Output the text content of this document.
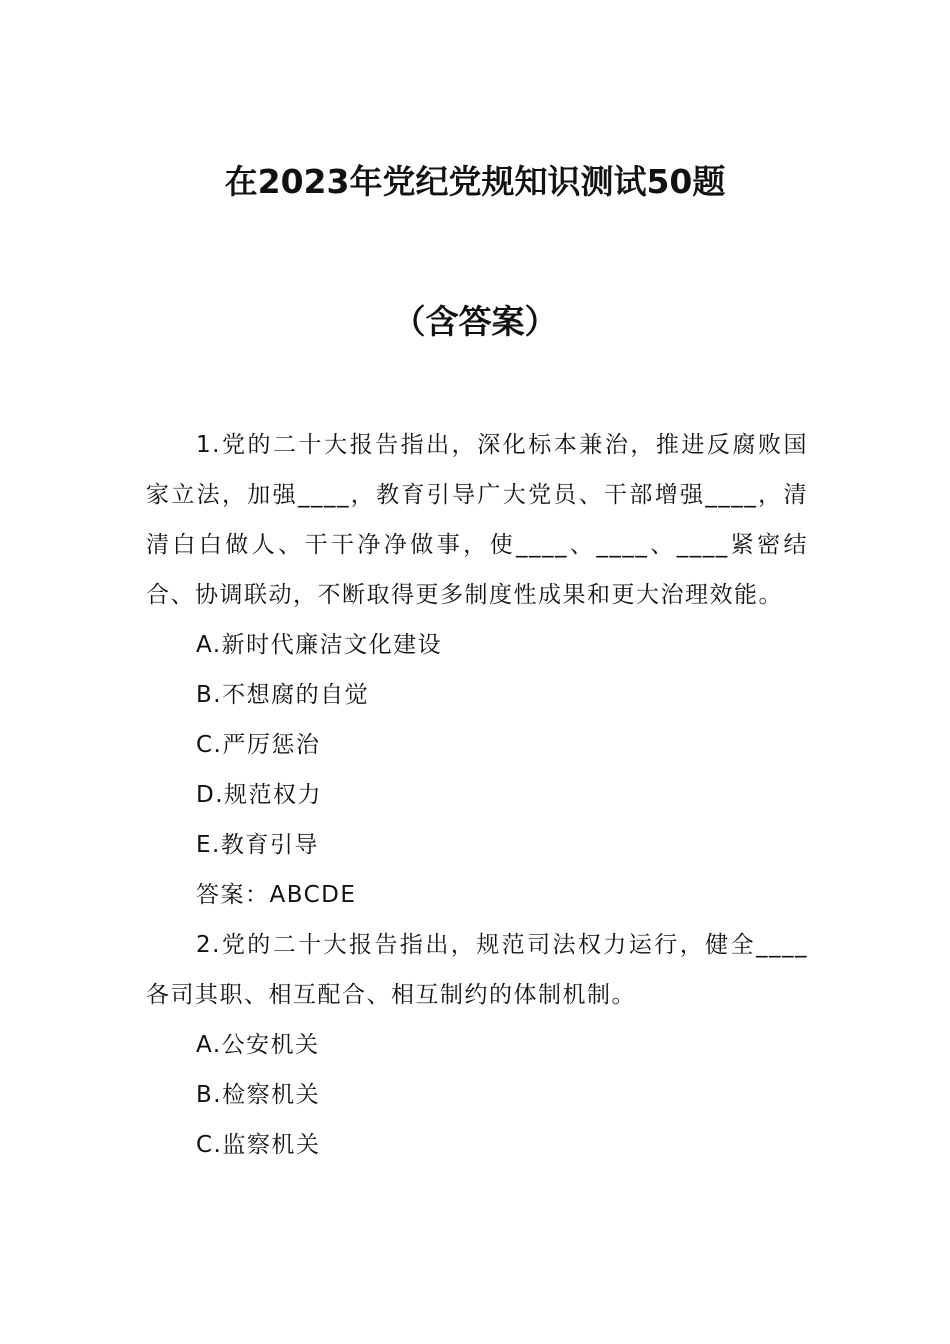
在2023年党纪党规知识测试50题
（含答案）

1.党的二十大报告指出，深化标本兼治，推进反腐败国家立法，加强____，教育引导广大党员、干部增强____，清清白白做人、干干净净做事，使____、____、____紧密结合、协调联动，不断取得更多制度性成果和更大治理效能。

A.新时代廉洁文化建设

B.不想腐的自觉

C.严厉惩治

D.规范权力

E.教育引导

答案：ABCDE

2.党的二十大报告指出，规范司法权力运行，健全____各司其职、相互配合、相互制约的体制机制。

A.公安机关

B.检察机关

C.监察机关
